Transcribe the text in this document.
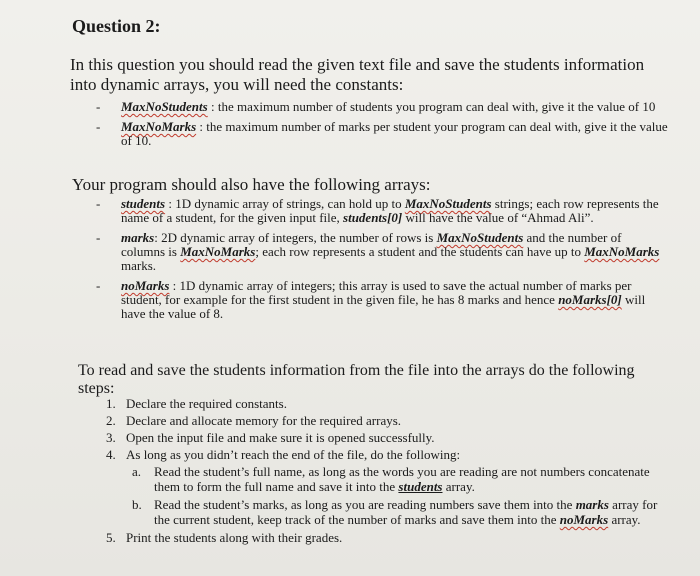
Question 2:
In this question you should read the given text file and save the students information into dynamic arrays, you will need the constants:
- MaxNoStudents : the maximum number of students you program can deal with, give it the value of 10
- MaxNoMarks : the maximum number of marks per student your program can deal with, give it the value of 10.
Your program should also have the following arrays:
- students : 1D dynamic array of strings, can hold up to MaxNoStudents strings; each row represents the name of a student, for the given input file, students[0] will have the value of “Ahmad Ali”.
- marks: 2D dynamic array of integers, the number of rows is MaxNoStudents and the number of columns is MaxNoMarks; each row represents a student and the students can have up to MaxNoMarks marks.
- noMarks : 1D dynamic array of integers; this array is used to save the actual number of marks per student, for example for the first student in the given file, he has 8 marks and hence noMarks[0] will have the value of 8.
To read and save the students information from the file into the arrays do the following steps:
1. Declare the required constants.
2. Declare and allocate memory for the required arrays.
3. Open the input file and make sure it is opened successfully.
4. As long as you didn’t reach the end of the file, do the following:
a. Read the student’s full name, as long as the words you are reading are not numbers concatenate them to form the full name and save it into the students array.
b. Read the student’s marks, as long as you are reading numbers save them into the marks array for the current student, keep track of the number of marks and save them into the noMarks array.
5. Print the students along with their grades.
